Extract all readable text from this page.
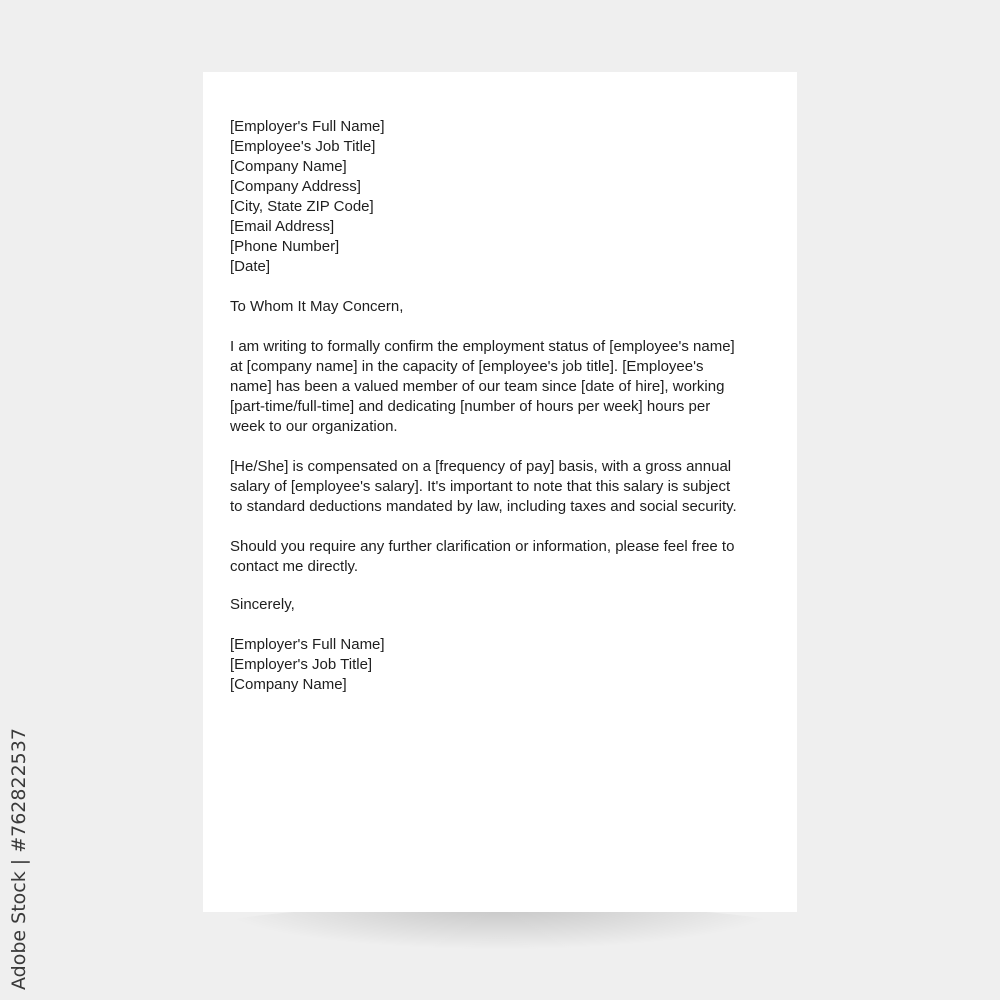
[Employer's Full Name]
[Employee's Job Title]
[Company Name]
[Company Address]
[City, State ZIP Code]
[Email Address]
[Phone Number]
[Date]
To Whom It May Concern,
I am writing to formally confirm the employment status of [employee's name]
at [company name] in the capacity of [employee's job title]. [Employee's
name] has been a valued member of our team since [date of hire], working
[part-time/full-time] and dedicating [number of hours per week] hours per
week to our organization.
[He/She] is compensated on a [frequency of pay] basis, with a gross annual
salary of [employee's salary]. It's important to note that this salary is subject
to standard deductions mandated by law, including taxes and social security.
Should you require any further clarification or information, please feel free to
contact me directly.
Sincerely,
[Employer's Full Name]
[Employer's Job Title]
[Company Name]
Adobe Stock | #762822537
